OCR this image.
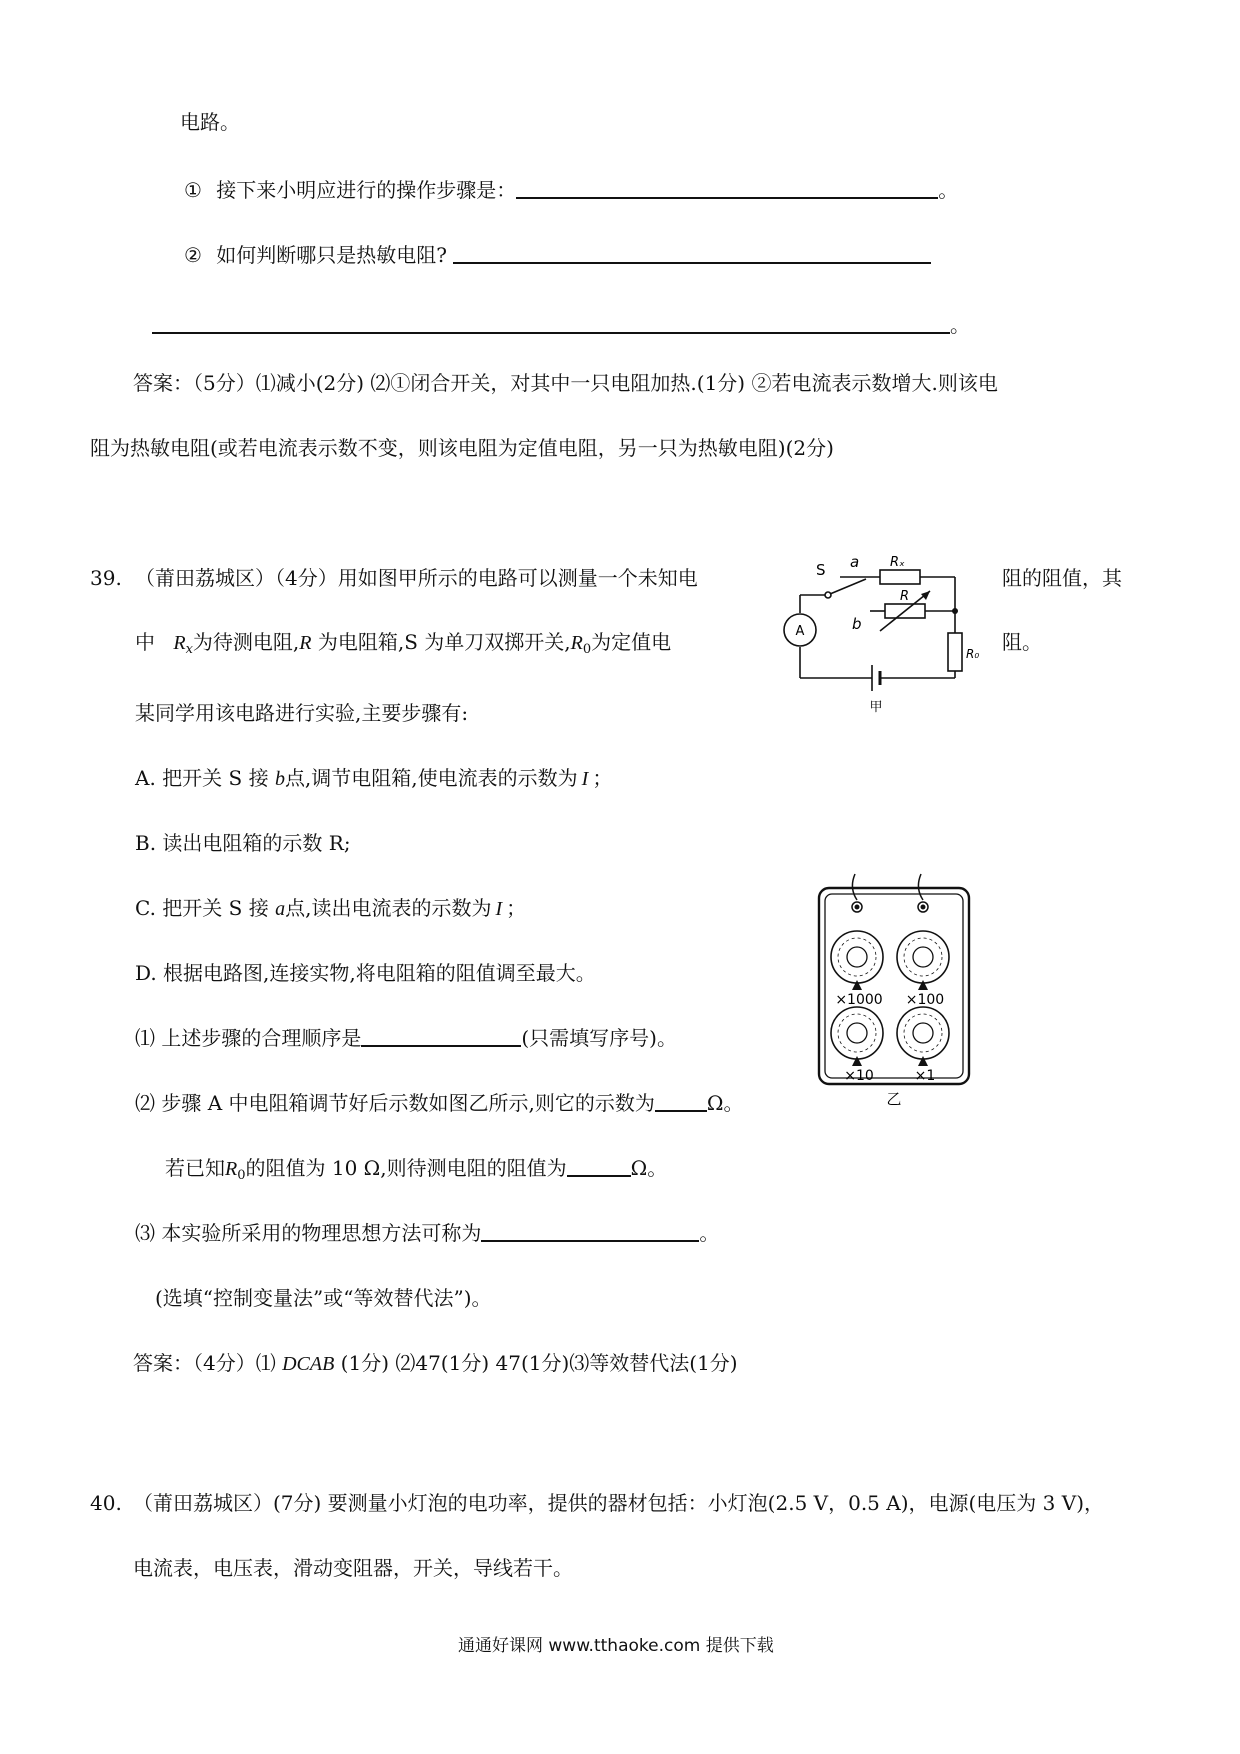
电路。
① 接下来小明应进行的操作步骤是：	。
② 如何判断哪只是热敏电阻?
。
答案：（5分）⑴减小(2分) ⑵①闭合开关，对其中一只电阻加热.(1分) ②若电流表示数增大.则该电
阻为热敏电阻(或若电流表示数不变，则该电阻为定值电阻，另一只为热敏电阻)(2分)
39. （莆田荔城区）（4分）用如图甲所示的电路可以测量一个未知电	阻的阻值，其
中 $R_x$为待测电阻,R 为电阻箱,S 为单刀双掷开关$,R_0$为定值电	阻。
某同学用该电路进行实验,主要步骤有:
A. 把开关 S 接 b点,调节电阻箱,使电流表的示数为 I ；
B. 读出电阻箱的示数 R;
C. 把开关 S 接 a点,读出电流表的示数为 I ；
D. 根据电路图,连接实物,将电阻箱的阻值调至最大。
⑴ 上述步骤的合理顺序是	(只需填写序号)。
⑵ 步骤 A 中电阻箱调节好后示数如图乙所示,则它的示数为	Ω。
若已知$R_0$的阻值为 10 Ω,则待测电阻的阻值为	Ω。
⑶ 本实验所采用的物理思想方法可称为	。
(选填“控制变量法”或“等效替代法”)。
答案：（4分）⑴ DCAB (1分) ⑵47(1分) 47(1分)⑶等效替代法(1分)
A
S a Rₓ
R
b
R₀
甲
×1000 ×100
×10	×1
乙
40. （莆田荔城区）(7分) 要测量小灯泡的电功率，提供的器材包括：小灯泡(2.5 V，0.5 A)，电源(电压为 3 V)，
电流表，电压表，滑动变阻器，开关，导线若干。
通通好课网 www.tthaoke.com 提供下载
